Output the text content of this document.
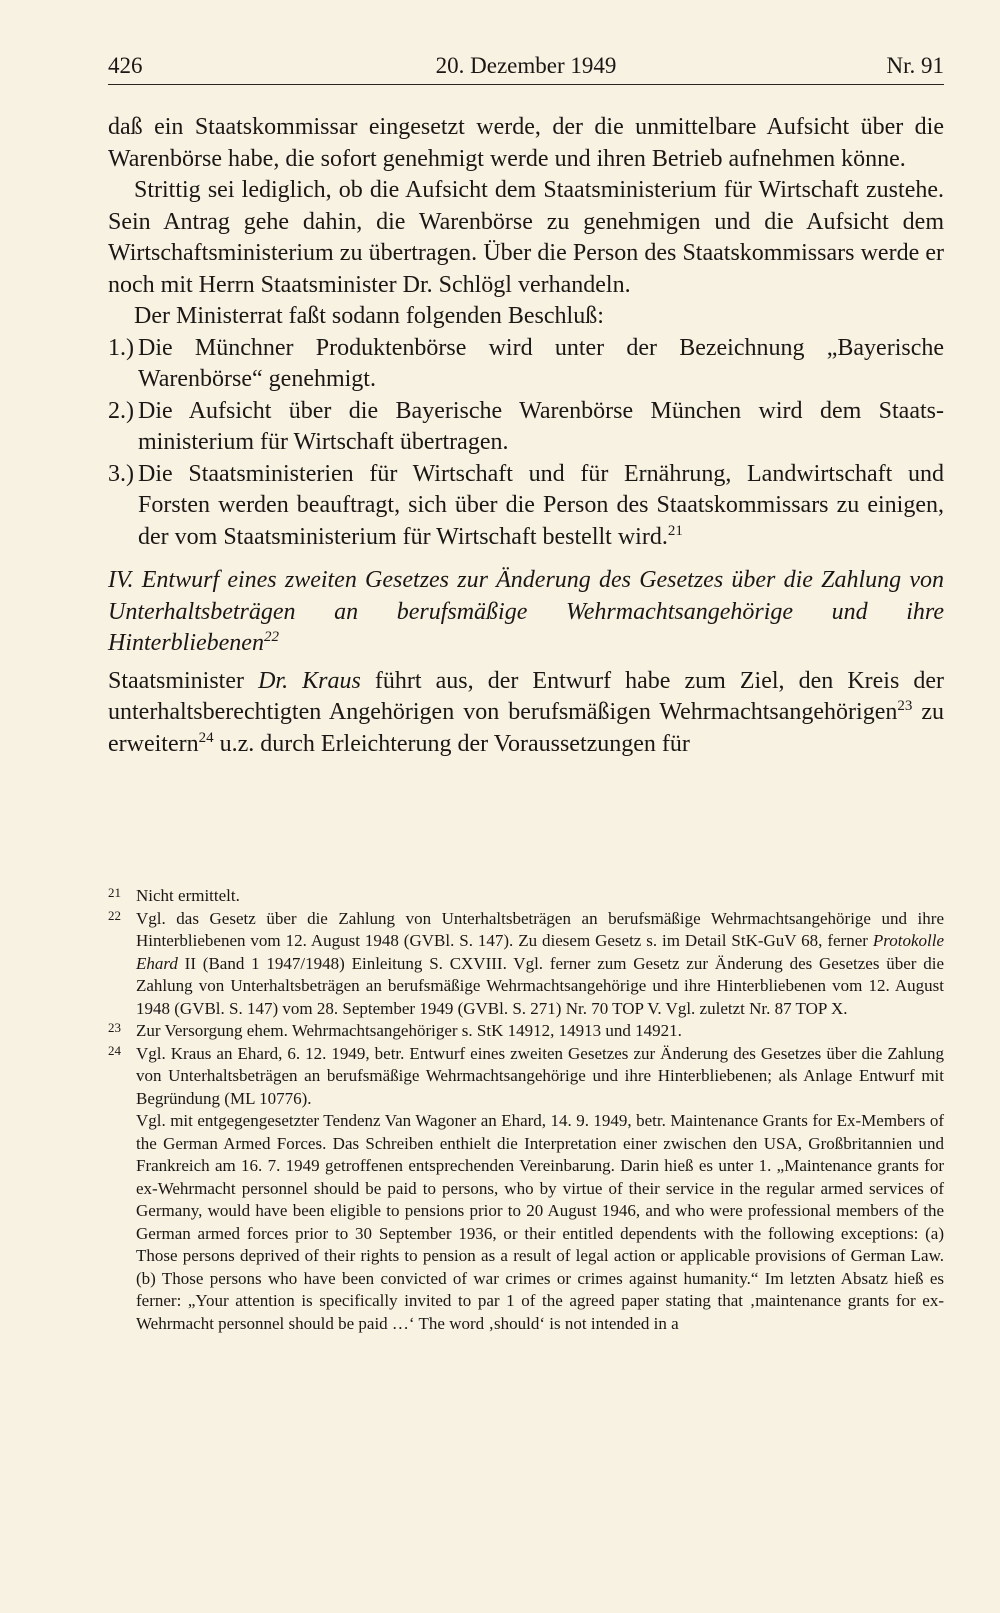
426	20. Dezember 1949	Nr. 91

daß ein Staatskommissar eingesetzt werde, der die unmittelbare Aufsicht über die Warenbörse habe, die sofort genehmigt werde und ihren Betrieb aufnehmen könne.

Strittig sei lediglich, ob die Aufsicht dem Staatsministerium für Wirtschaft zustehe. Sein Antrag gehe dahin, die Warenbörse zu genehmigen und die Aufsicht dem Wirtschaftsministerium zu übertragen. Über die Person des Staatskommissars werde er noch mit Herrn Staatsminister Dr. Schlögl verhandeln.

Der Ministerrat faßt sodann folgenden Beschluß:

1.) Die Münchner Produktenbörse wird unter der Bezeichnung „Bayerische Warenbörse“ genehmigt.
2.) Die Aufsicht über die Bayerische Warenbörse München wird dem Staatsministerium für Wirtschaft übertragen.
3.) Die Staatsministerien für Wirtschaft und für Ernährung, Landwirtschaft und Forsten werden beauftragt, sich über die Person des Staatskommissars zu einigen, der vom Staatsministerium für Wirtschaft bestellt wird.$^{21}$

IV. Entwurf eines zweiten Gesetzes zur Änderung des Gesetzes über die Zahlung von Unterhaltsbeträgen an berufsmäßige Wehrmachtsangehörige und ihre Hinterbliebenen$^{22}$

Staatsminister Dr. Kraus führt aus, der Entwurf habe zum Ziel, den Kreis der unterhaltsberechtigten Angehörigen von berufsmäßigen Wehrmachtsangehörigen$^{23}$ zu erweitern$^{24}$ u.z. durch Erleichterung der Voraussetzungen für

21 Nicht ermittelt.
22 Vgl. das Gesetz über die Zahlung von Unterhaltsbeträgen an berufsmäßige Wehrmachtsangehörige und ihre Hinterbliebenen vom 12. August 1948 (GVBl. S. 147). Zu diesem Gesetz s. im Detail StK-GuV 68, ferner Protokolle Ehard II (Band 1 1947/1948) Einleitung S. CXVIII. Vgl. ferner zum Gesetz zur Änderung des Gesetzes über die Zahlung von Unterhaltsbeträgen an berufsmäßige Wehrmachtsangehörige und ihre Hinterbliebenen vom 12. August 1948 (GVBl. S. 147) vom 28. September 1949 (GVBl. S. 271) Nr. 70 TOP V. Vgl. zuletzt Nr. 87 TOP X.
23 Zur Versorgung ehem. Wehrmachtsangehöriger s. StK 14912, 14913 und 14921.
24 Vgl. Kraus an Ehard, 6. 12. 1949, betr. Entwurf eines zweiten Gesetzes zur Änderung des Gesetzes über die Zahlung von Unterhaltsbeträgen an berufsmäßige Wehrmachtsangehörige und ihre Hinterbliebenen; als Anlage Entwurf mit Begründung (ML 10776).

Vgl. mit entgegengesetzter Tendenz Van Wagoner an Ehard, 14. 9. 1949, betr. Maintenance Grants for Ex-Members of the German Armed Forces. Das Schreiben enthielt die Interpretation einer zwischen den USA, Großbritannien und Frankreich am 16. 7. 1949 getroffenen entsprechenden Vereinbarung. Darin hieß es unter 1. „Maintenance grants for ex-Wehrmacht personnel should be paid to persons, who by virtue of their service in the regular armed services of Germany, would have been eligible to pensions prior to 20 August 1946, and who were professional members of the German armed forces prior to 30 September 1936, or their entitled dependents with the following exceptions: (a) Those persons deprived of their rights to pension as a result of legal action or applicable provisions of German Law. (b) Those persons who have been convicted of war crimes or crimes against humanity.“ Im letzten Absatz hieß es ferner: „Your attention is specifically invited to par 1 of the agreed paper stating that ‚maintenance grants for ex-Wehrmacht personnel should be paid …‘ The word ‚should‘ is not intended in a
